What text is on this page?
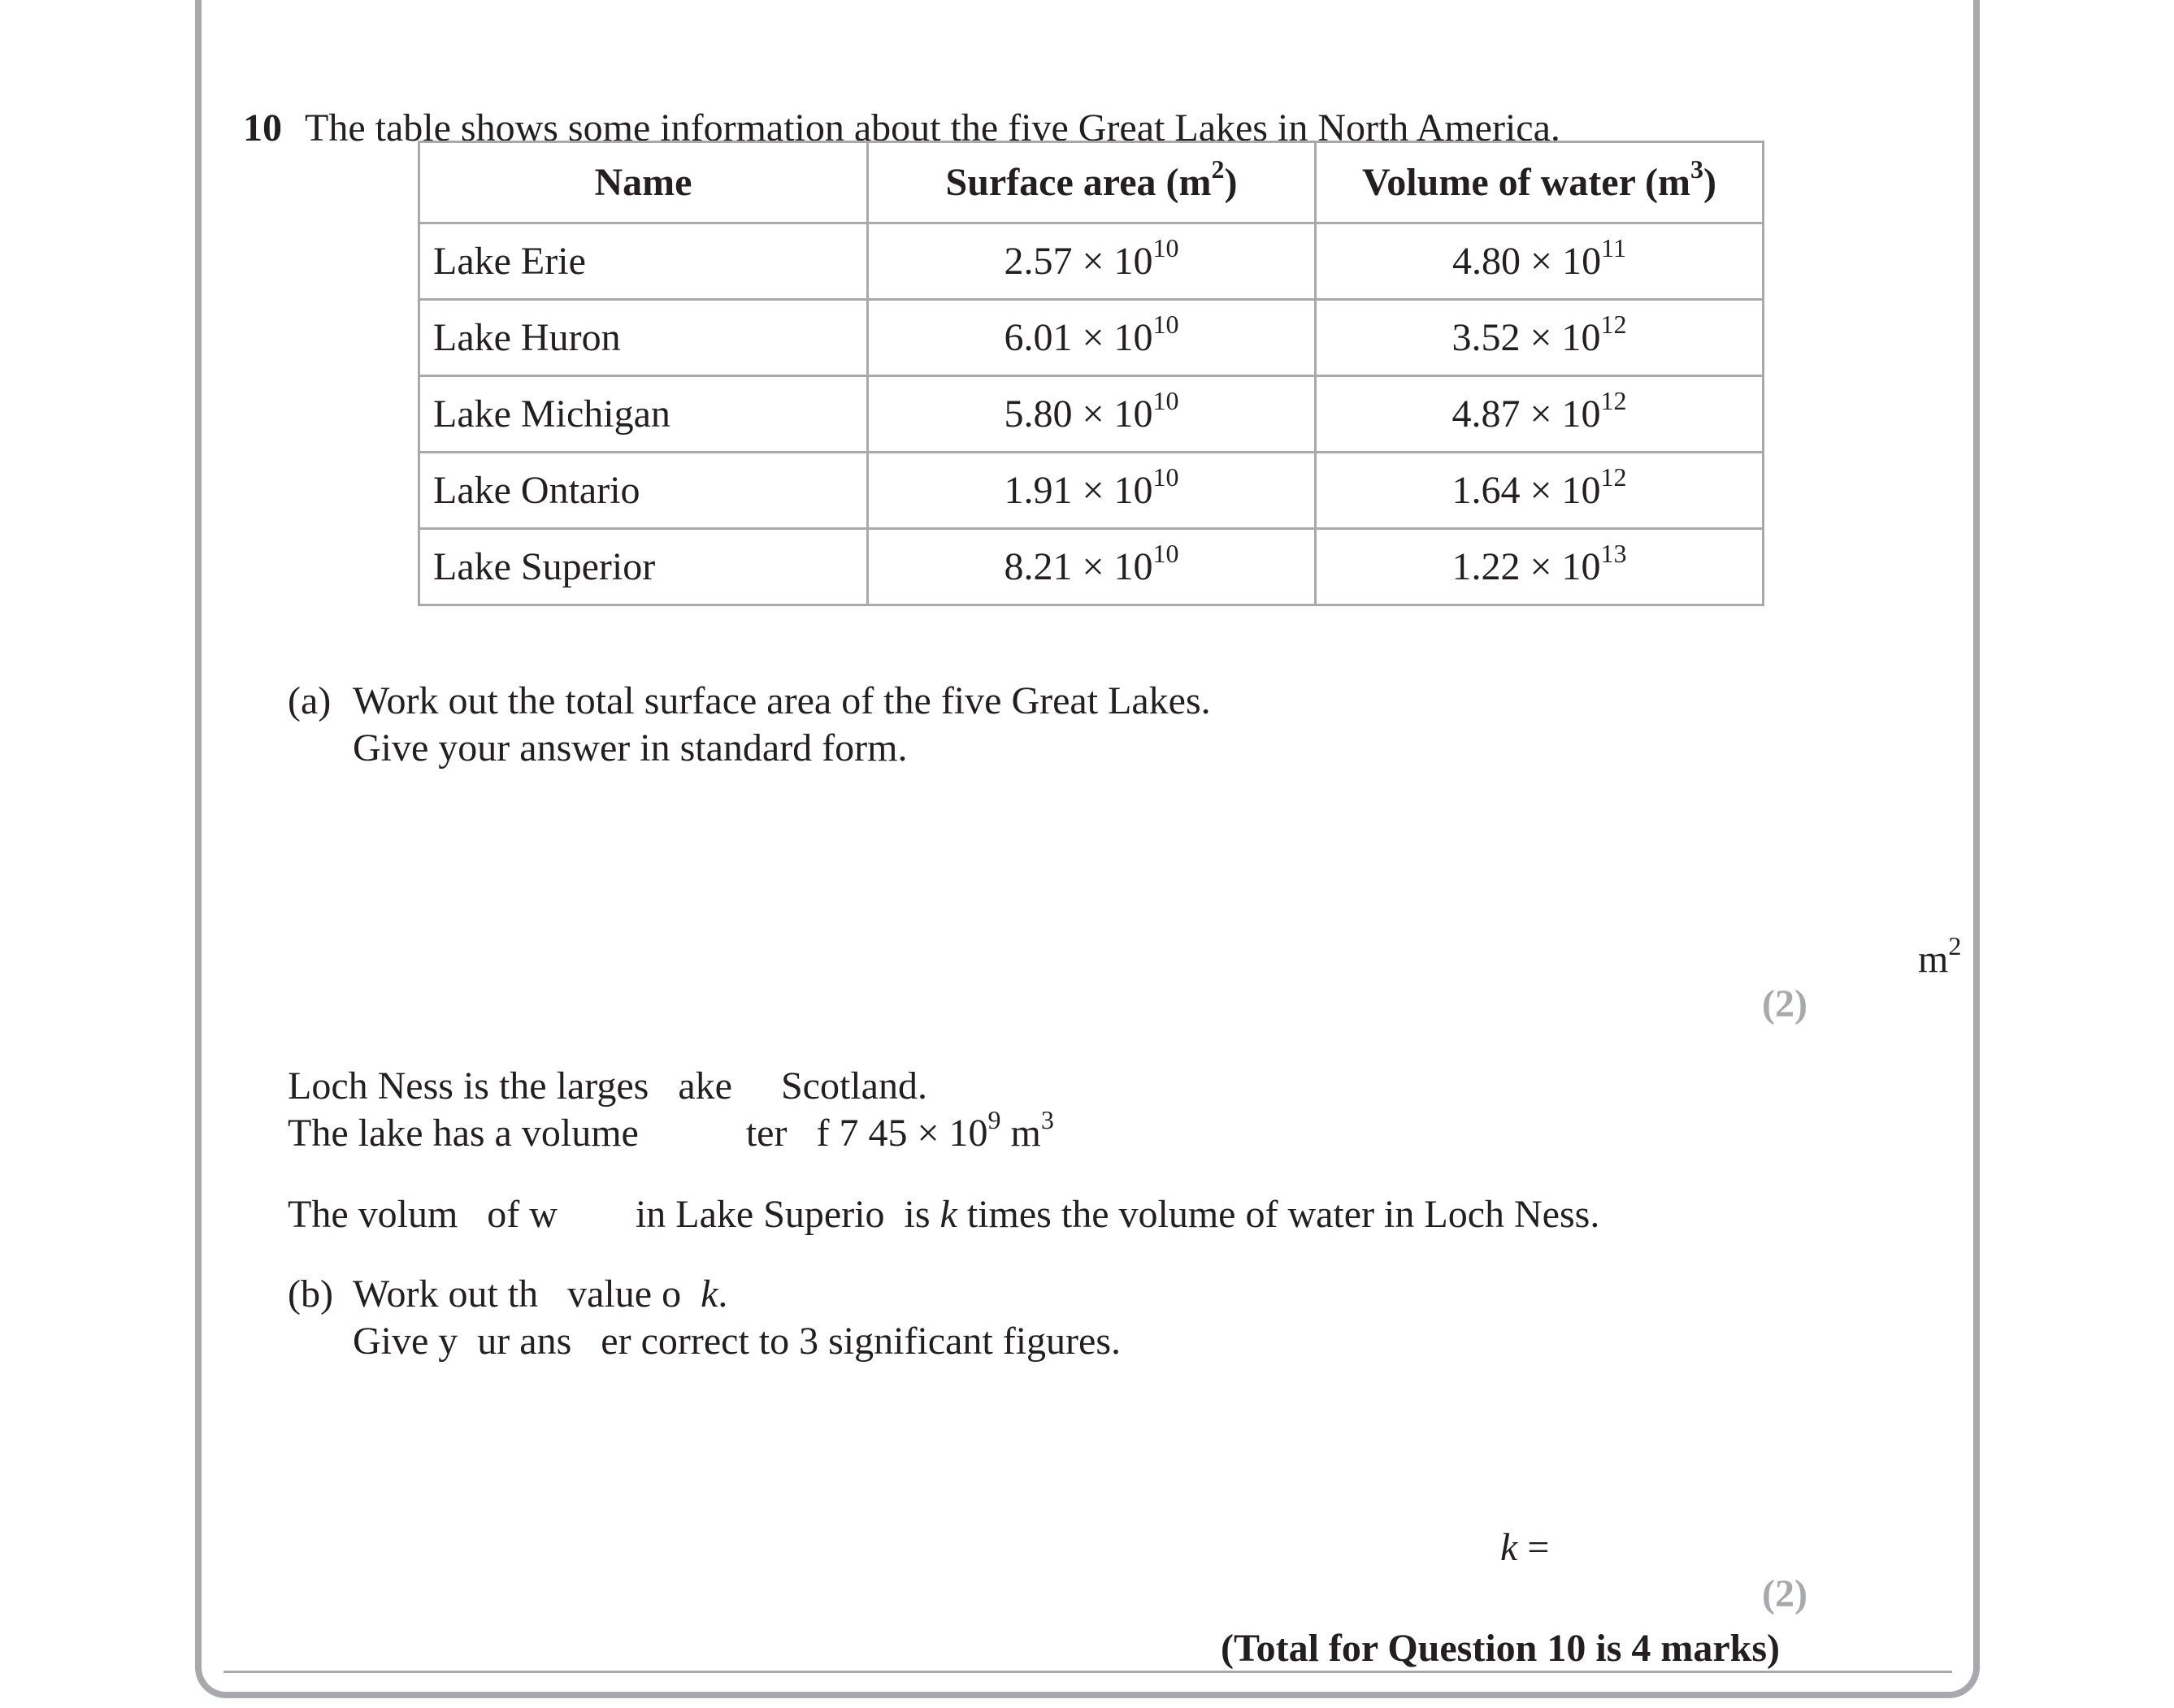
10 The table shows some information about the five Great Lakes in North America.

Name	Surface area $(m^2)$	Volume of water $(m^3)$
Lake Erie	$2.57 \times 10^{10}$	$4.80 \times 10^{11}$
Lake Huron	$6.01 \times 10^{10}$	$3.52 \times 10^{12}$
Lake Michigan	$5.80 \times 10^{10}$	$4.87 \times 10^{12}$
Lake Ontario	$1.91 \times 10^{10}$	$1.64 \times 10^{12}$
Lake Superior	$8.21 \times 10^{10}$	$1.22 \times 10^{13}$
(a) Work out the total surface area of the five Great Lakes.
Give your answer in standard form.
$m^2$
(2)
Loch Ness is the larges   ake     Scotland.
The lake has a volume           ter   f 7 $45 \times 10^9$ $m^3$
The volum   of w        in Lake Superio  is k times the volume of water in Loch Ness.
(b) Work out th   value o  k.
Give y  ur ans   er correct to 3 significant figures.
k =
(2)
(Total for Question 10 is 4 marks)
